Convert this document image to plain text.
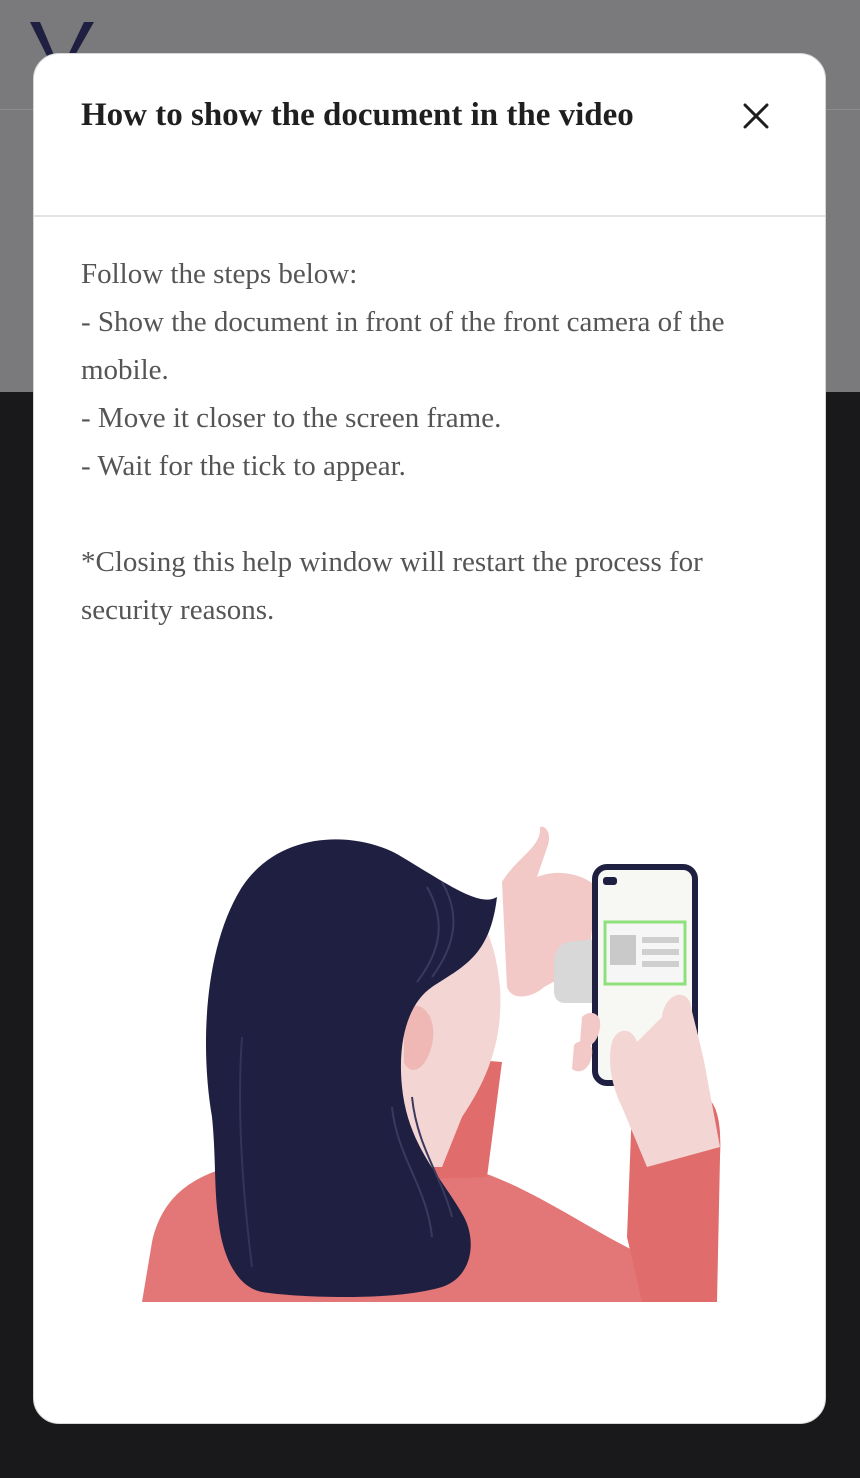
How to show the document in the video

Follow the steps below:

- Show the document in front of the front camera of the mobile.

- Move it closer to the screen frame.

- Wait for the tick to appear.

*Closing this help window will restart the process for security reasons.
